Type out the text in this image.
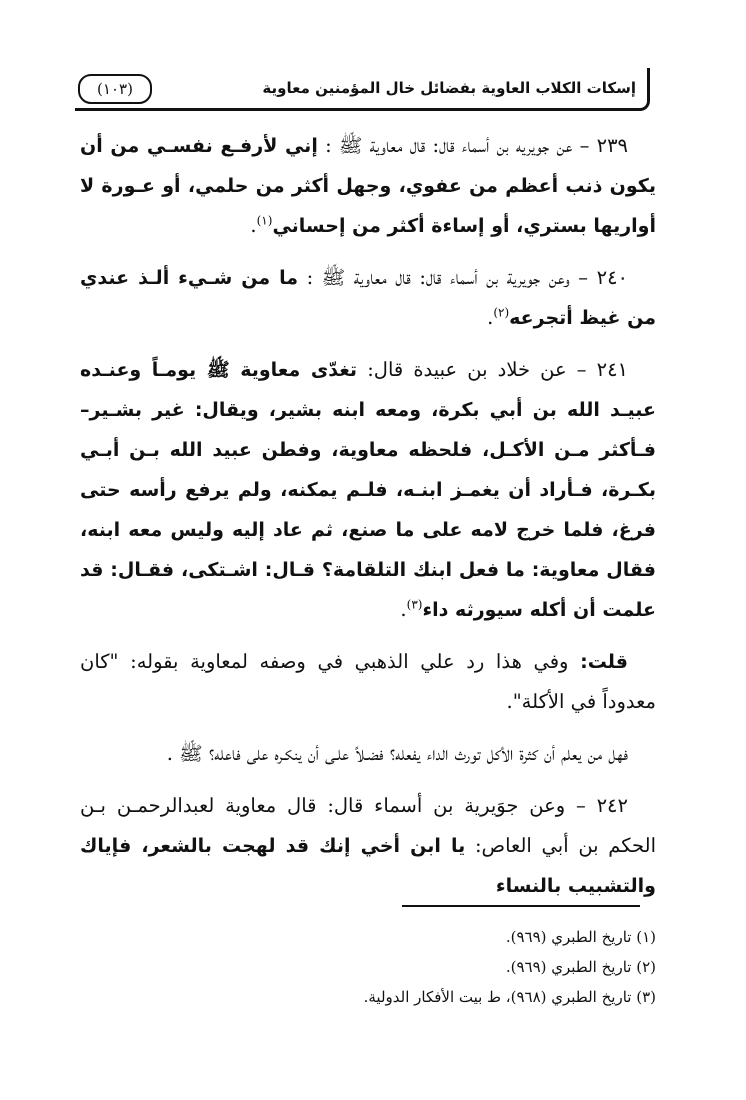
إسكات الكلاب العاوية بفضائل خال المؤمنين معاوية
(١٠٣)

٢٣٩ – عن جويريه بن أسماء قال: قال معاوية ﷺ : إني لأرفـع نفسـي من أن يكون ذنب أعظم من عفوي، وجهل أكثر من حلمي، أو عـورة لا أواريها بستري، أو إساءة أكثر من إحساني$^{(١)}$.

٢٤٠ – وعن جويرية بن أسماء قال: قال معاوية ﷺ : ما من شـيء ألـذ عندي من غيظ أتجرعه$^{(٢)}$.

٢٤١ – عن خلاد بن عبيدة قال: تغدّى معاوية ﷺ يومـاً وعنـده عبيـد الله بن أبي بكرة، ومعه ابنه بشير، ويقال: غير بشـير– فـأكثر مـن الأكـل، فلحظه معاوية، وفطن عبيد الله بـن أبـي بكـرة، فـأراد أن يغمـز ابنـه، فلـم يمكنه، ولم يرفع رأسه حتى فرغ، فلما خرج لامه على ما صنع، ثم عاد إليه وليس معه ابنه، فقال معاوية: ما فعل ابنك التلقامة؟ قـال: اشـتكى، فقـال: قد علمت أن أكله سيورثه داء$^{(٣)}$.

قلت: وفي هذا رد علي الذهبي في وصفه لمعاوية بقوله: "كان معدوداً في الأكلة".

فهل من يعلم أن كثرة الأكل تورث الداء يفعله؟ فضـلاً علـى أن ينكـره على فاعله؟ ﷺ .

٢٤٢ – وعن جوَيرية بن أسماء قال: قال معاوية لعبدالرحمـن بـن الحكم بن أبي العاص: يا ابن أخي إنك قد لهجت بالشعر، فإياك والتشبيب بالنساء

(١) تاريخ الطبري (٩٦٩).

(٢) تاريخ الطبري (٩٦٩).

(٣) تاريخ الطبري (٩٦٨)، ط بيت الأفكار الدولية.
